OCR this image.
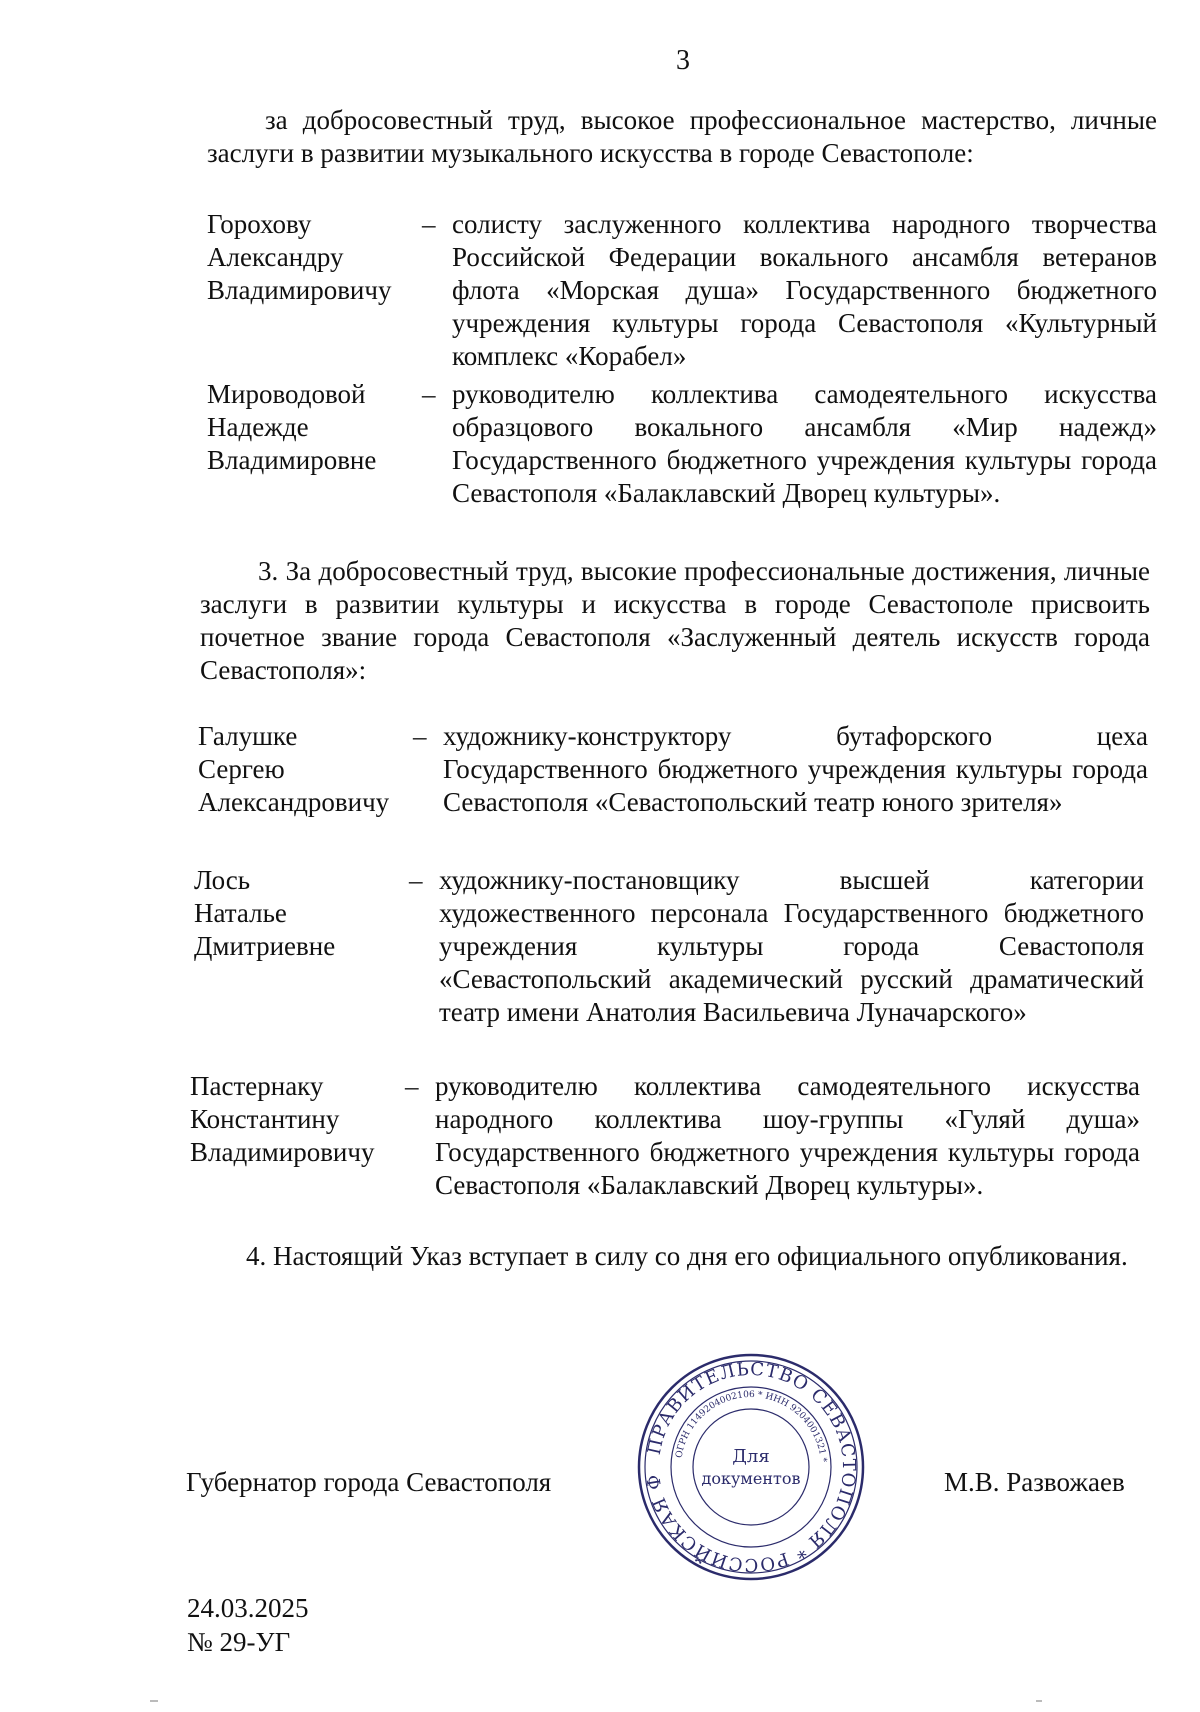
3
за добросовестный труд, высокое профессиональное мастерство, личные заслуги в развитии музыкального искусства в городе Севастополе:
Горохову
Александру
Владимировичу
– солисту заслуженного коллектива народного творчества Российской Федерации вокального ансамбля ветеранов флота «Морская душа» Государственного бюджетного учреждения культуры города Севастополя «Культурный комплекс «Корабел»
Мироводовой
Надежде
Владимировне
– руководителю коллектива самодеятельного искусства образцового вокального ансамбля «Мир надежд» Государственного бюджетного учреждения культуры города Севастополя «Балаклавский Дворец культуры».
3. За добросовестный труд, высокие профессиональные достижения, личные заслуги в развитии культуры и искусства в городе Севастополе присвоить почетное звание города Севастополя «Заслуженный деятель искусств города Севастополя»:
Галушке
Сергею
Александровичу
– художнику-конструктору бутафорского цеха Государственного бюджетного учреждения культуры города Севастополя «Севастопольский театр юного зрителя»
Лось
Наталье
Дмитриевне
– художнику-постановщику высшей категории художественного персонала Государственного бюджетного учреждения культуры города Севастополя «Севастопольский академический русский драматический театр имени Анатолия Васильевича Луначарского»
Пастернаку
Константину
Владимировичу
– руководителю коллектива самодеятельного искусства народного коллектива шоу-группы «Гуляй душа» Государственного бюджетного учреждения культуры города Севастополя «Балаклавский Дворец культуры».
4. Настоящий Указ вступает в силу со дня его официального опубликования.
Губернатор города Севастополя	М.В. Развожаев
ПРАВИТЕЛЬСТВО СЕВАСТОПОЛЯ * РОССИЙСКАЯ Ф
ОГРН 1149204002106 * ИНН 9204001321 *
Для
документов
24.03.2025
№ 29-УГ
